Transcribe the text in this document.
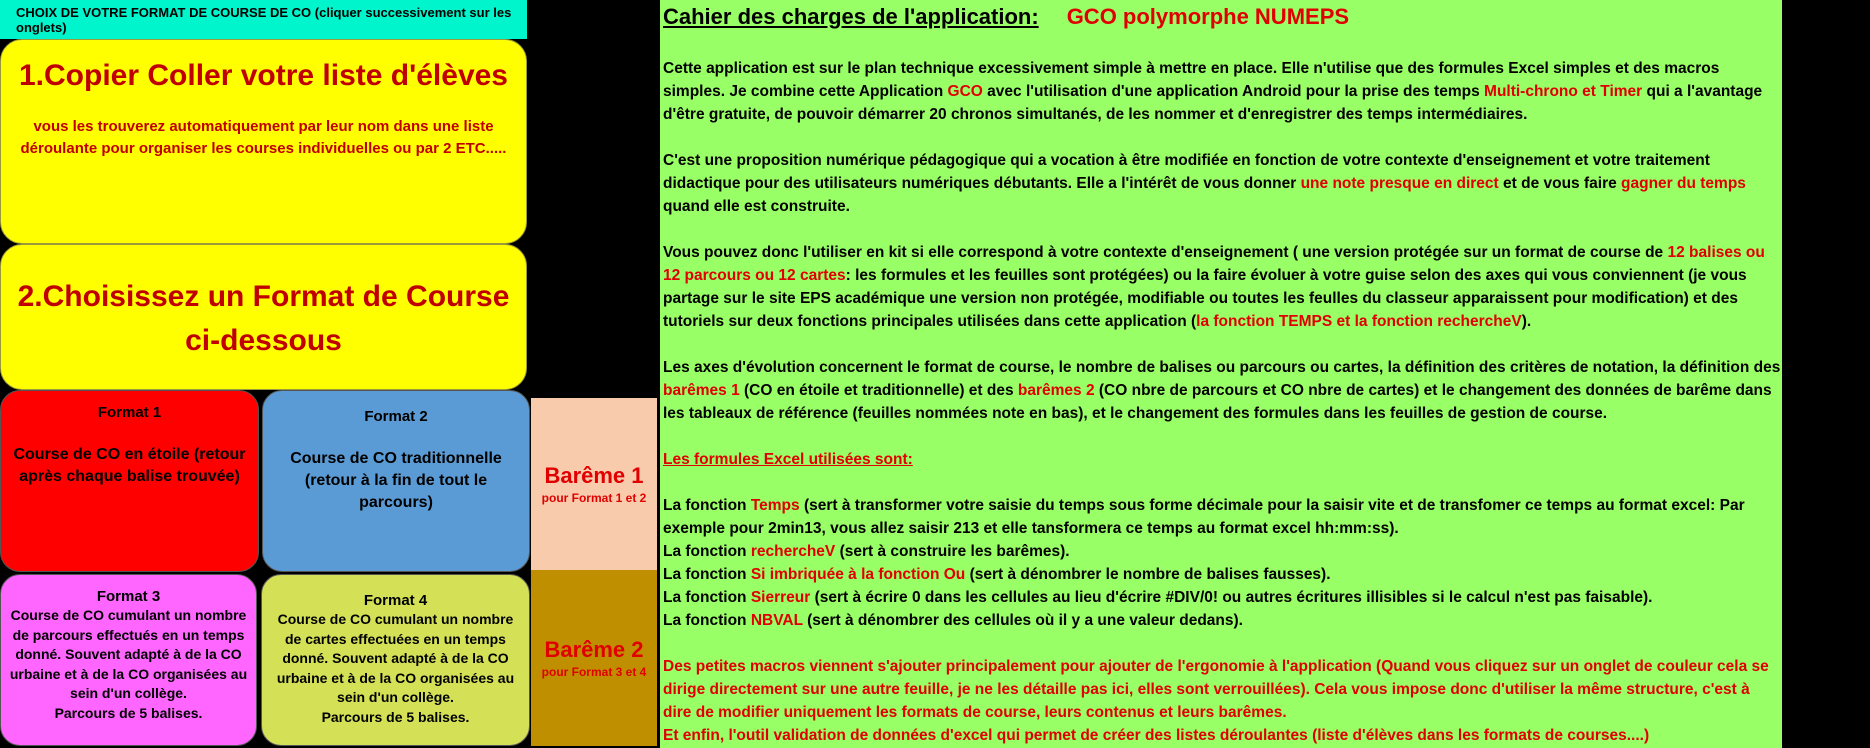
CHOIX DE VOTRE FORMAT DE COURSE DE CO (cliquer successivement sur les onglets)
1.Copier Coller votre liste d'élèves
vous les trouverez automatiquement par leur nom dans une liste déroulante pour organiser les courses individuelles ou par 2 ETC.....
2.Choisissez un Format de Course ci-dessous
Format 1
Course de CO en étoile (retour après chaque balise trouvée)
Format 2
Course de CO traditionnelle (retour à la fin de tout le parcours)
Format 3
Course de CO cumulant un nombre de parcours effectués en un temps donné. Souvent adapté à de la CO urbaine et à de la CO organisées au sein d'un collège.
Parcours de 5 balises.
Format 4
Course de CO cumulant un nombre de cartes effectuées en un temps donné. Souvent adapté à de la CO urbaine et à de la CO organisées au sein d'un collège.
Parcours de 5 balises.
Barême 1
pour Format 1 et 2
Barême 2
pour Format 3 et 4
Cahier des charges de l'application: GCO polymorphe NUMEPS

Cette application est sur le plan technique excessivement simple à mettre en place. Elle n'utilise que des formules Excel simples et des macros simples. Je combine cette Application GCO avec l'utilisation d'une application Android pour la prise des temps Multi-chrono et Timer qui a l'avantage d'être gratuite, de pouvoir démarrer 20 chronos simultanés, de les nommer et d'enregistrer des temps intermédiaires.

C'est une proposition numérique pédagogique qui a vocation à être modifiée en fonction de votre contexte d'enseignement et votre traitement didactique pour des utilisateurs numériques débutants. Elle a l'intérêt de vous donner une note presque en direct et de vous faire gagner du temps quand elle est construite.

Vous pouvez donc l'utiliser en kit si elle correspond à votre contexte d'enseignement ( une version protégée sur un format de course de 12 balises ou 12 parcours ou 12 cartes: les formules et les feuilles sont protégées) ou la faire évoluer à votre guise selon des axes qui vous conviennent (je vous partage sur le site EPS académique une version non protégée, modifiable ou toutes les feulles du classeur apparaissent pour modification) et des tutoriels sur deux fonctions principales utilisées dans cette application (la fonction TEMPS et la fonction rechercheV).

Les axes d'évolution concernent le format de course, le nombre de balises ou parcours ou cartes, la définition des critères de notation, la définition des barêmes 1 (CO en étoile et traditionnelle) et des barêmes 2 (CO nbre de parcours et CO nbre de cartes) et le changement des données de barême dans les tableaux de référence (feuilles nommées note en bas), et le changement des formules dans les feuilles de gestion de course.

Les formules Excel utilisées sont:

La fonction Temps (sert à transformer votre saisie du temps sous forme décimale pour la saisir vite et de transfomer ce temps au format excel: Par exemple pour 2min13, vous allez saisir 213 et elle tansformera ce temps au format excel hh:mm:ss).

La fonction rechercheV (sert à construire les barêmes).

La fonction Si imbriquée à la fonction Ou (sert à dénombrer le nombre de balises fausses).

La fonction Sierreur (sert à écrire 0 dans les cellules au lieu d'écrire #DIV/0! ou autres écritures illisibles si le calcul n'est pas faisable).

La fonction NBVAL (sert à dénombrer des cellules où il y a une valeur dedans).

Des petites macros viennent s'ajouter principalement pour ajouter de l'ergonomie à l'application (Quand vous cliquez sur un onglet de couleur cela se dirige directement sur une autre feuille, je ne les détaille pas ici, elles sont verrouillées). Cela vous impose donc d'utiliser la même structure, c'est à dire de modifier uniquement les formats de course, leurs contenus et leurs barêmes.

Et enfin, l'outil validation de données d'excel qui permet de créer des listes déroulantes (liste d'élèves dans les formats de courses....)
